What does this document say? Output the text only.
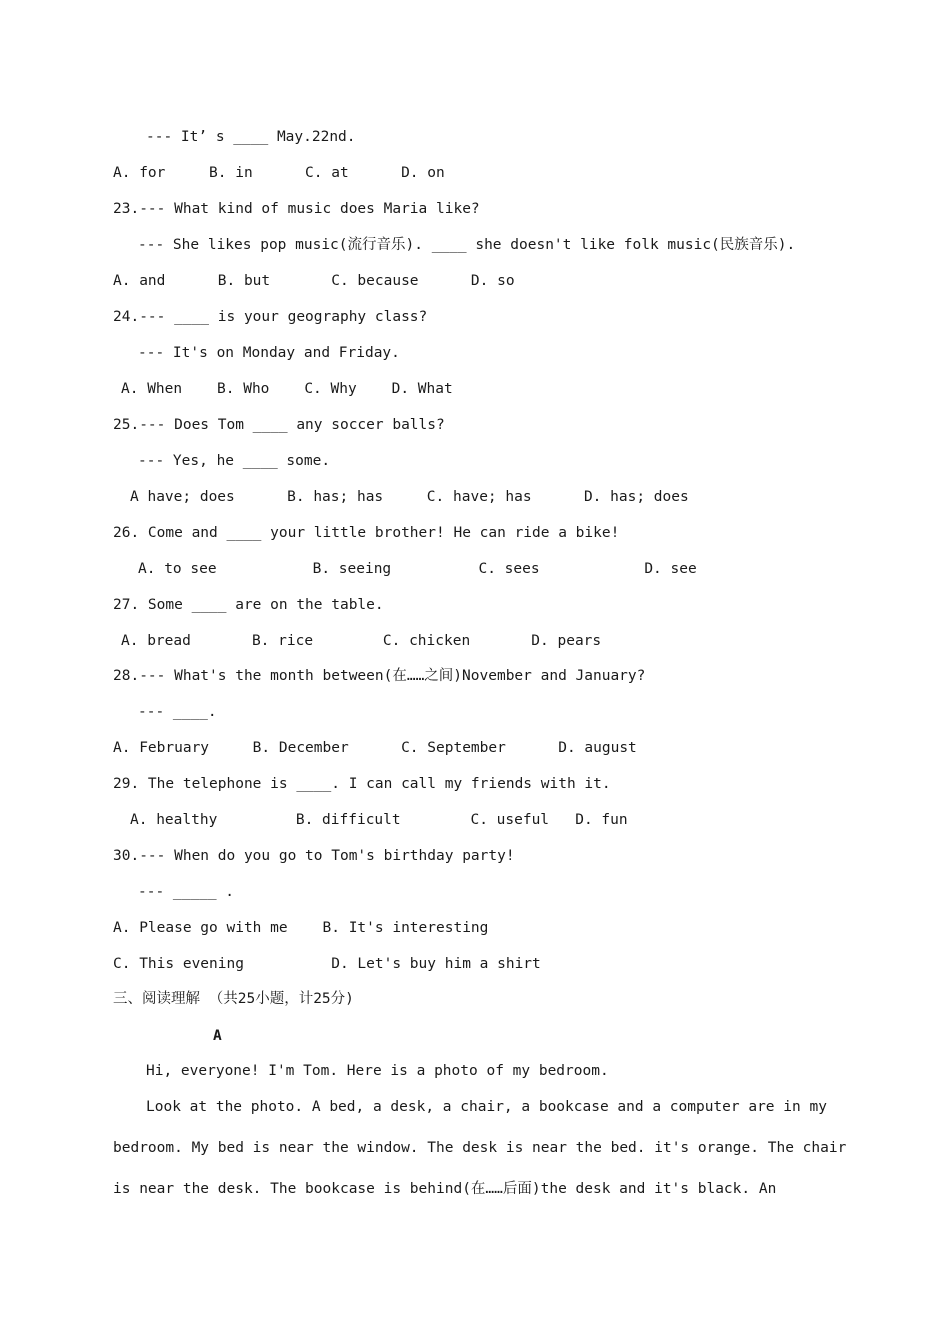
--- It’ s ____ May.22nd.
A. for     B. in      C. at      D. on
23.--- What kind of music does Maria like?
--- She likes pop music(流行音乐). ____ she doesn't like folk music(民族音乐).
A. and      B. but       C. because      D. so
24.--- ____ is your geography class?
--- It's on Monday and Friday.
A. When    B. Who    C. Why    D. What
25.--- Does Tom ____ any soccer balls?
--- Yes, he ____ some.
A have; does      B. has; has     C. have; has      D. has; does
26. Come and ____ your little brother! He can ride a bike!
A. to see           B. seeing          C. sees            D. see
27. Some ____ are on the table.
A. bread       B. rice        C. chicken       D. pears
28.--- What's the month between(在……之间)November and January?
--- ____.
A. February     B. December      C. September      D. august
29. The telephone is ____. I can call my friends with it.
A. healthy         B. difficult        C. useful   D. fun
30.--- When do you go to Tom's birthday party!
--- _____ .
A. Please go with me    B. It's interesting
C. This evening          D. Let's buy him a shirt
三、阅读理解 （共25小题，计25分)
A
Hi, everyone! I'm Tom. Here is a photo of my bedroom.
Look at the photo. A bed, a desk, a chair, a bookcase and a computer are in my
bedroom. My bed is near the window. The desk is near the bed. it's orange. The chair
is near the desk. The bookcase is behind(在……后面)the desk and it's black. An
